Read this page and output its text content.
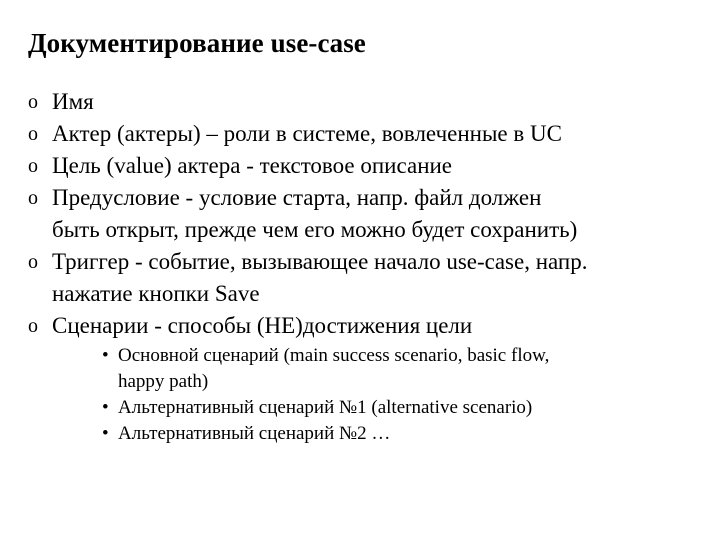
Документирование use-case
o Имя
o Актер (актеры) – роли в системе, вовлеченные в UC
o Цель (value) актера - текстовое описание
o Предусловие - условие старта, напр. файл должен
быть открыт, прежде чем его можно будет сохранить)
o Триггер - событие, вызывающее начало use-case, напр.
нажатие кнопки Save
o Сценарии - способы (НЕ)достижения цели
• Основной сценарий (main success scenario, basic flow,
happy path)
• Альтернативный сценарий №1 (alternative scenario)
• Альтернативный сценарий №2 …
